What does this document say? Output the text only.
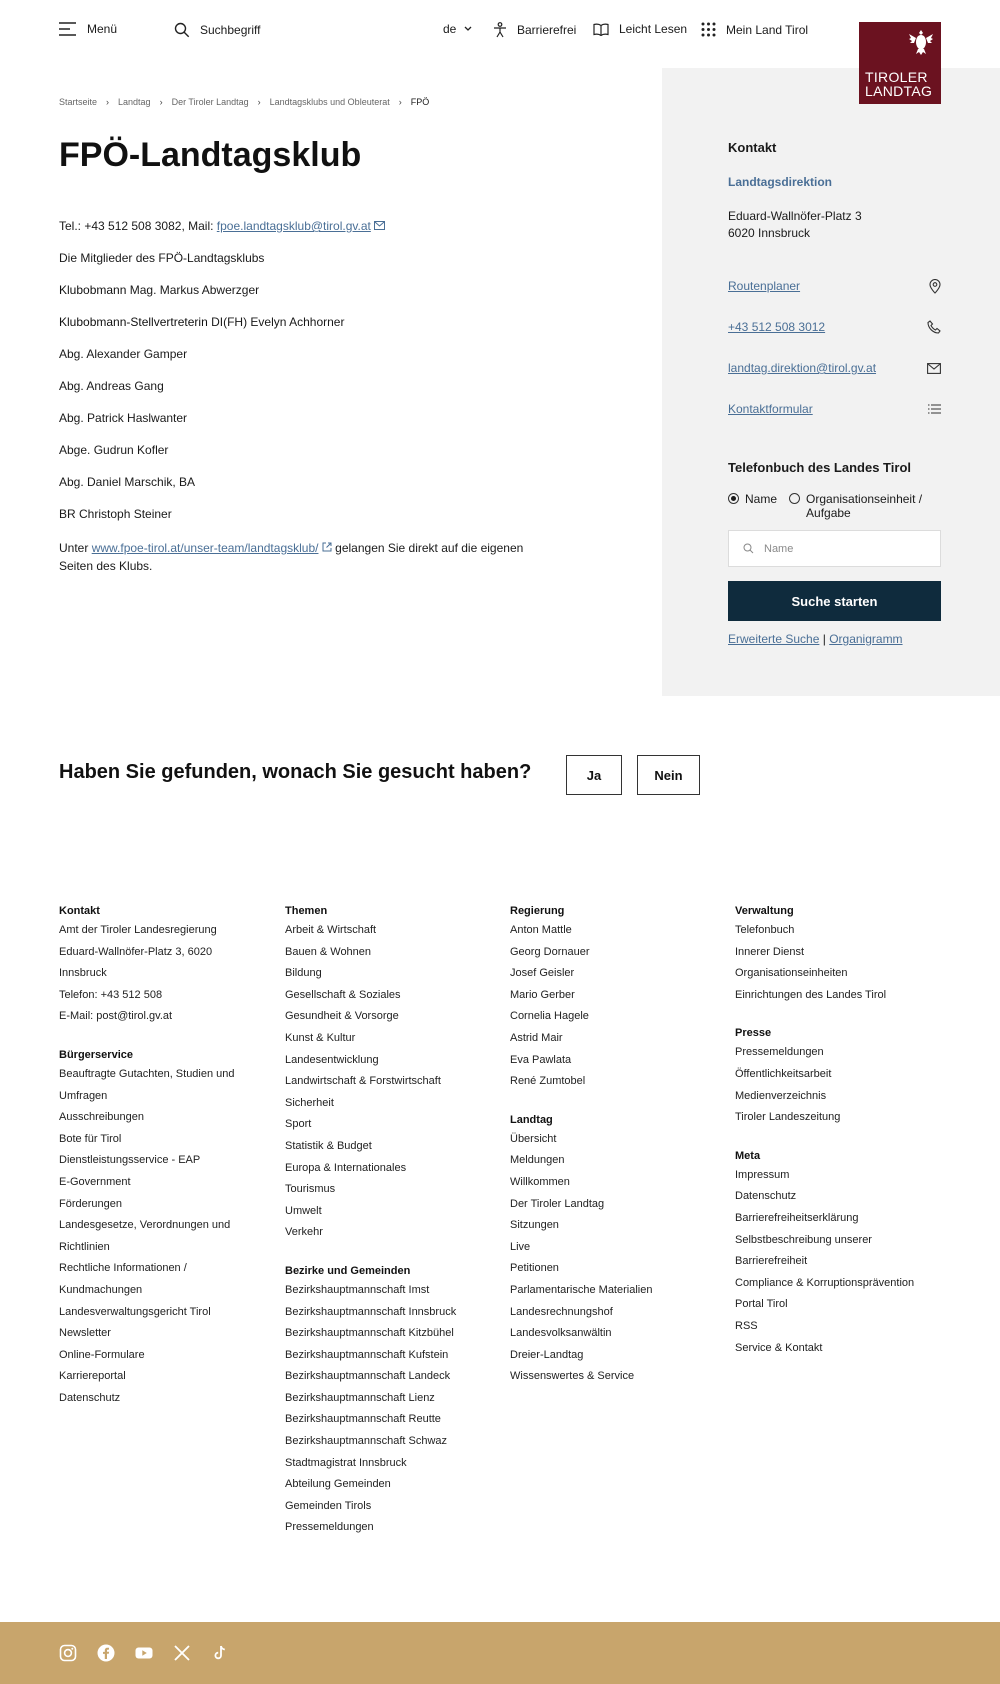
Menü	Suchbegriff	de	Barrierefrei	Leicht Lesen	Mein Land Tirol
TIROLER
LANDTAG
Kontakt
Landtagsdirektion
Eduard-Wallnöfer-Platz 3
6020 Innsbruck
Routenplaner
+43 512 508 3012
landtag.direktion@tirol.gv.at
Kontaktformular
Telefonbuch des Landes Tirol
Name Organisationseinheit / Aufgabe
Name
Suche starten
Erweiterte Suche | Organigramm
Startseite › Landtag › Der Tiroler Landtag › Landtagsklubs und Obleuterat › FPÖ
FPÖ-Landtagsklub
Tel.: +43 512 508 3082, Mail: fpoe.landtagsklub@tirol.gv.at
Die Mitglieder des FPÖ-Landtagsklubs
Klubobmann Mag. Markus Abwerzger
Klubobmann-Stellvertreterin DI(FH) Evelyn Achhorner
Abg. Alexander Gamper
Abg. Andreas Gang
Abg. Patrick Haslwanter
Abge. Gudrun Kofler
Abg. Daniel Marschik, BA
BR Christoph Steiner
Unter www.fpoe-tirol.at/unser-team/landtagsklub/ gelangen Sie direkt auf die eigenen Seiten des Klubs.
Haben Sie gefunden, wonach Sie gesucht haben?	Ja	Nein
Kontakt
Amt der Tiroler Landesregierung
Eduard-Wallnöfer-Platz 3, 6020
Innsbruck
Telefon: +43 512 508
E-Mail: post@tirol.gv.at
Bürgerservice
Beauftragte Gutachten, Studien und
Umfragen
Ausschreibungen
Bote für Tirol
Dienstleistungsservice - EAP
E-Government
Förderungen
Landesgesetze, Verordnungen und
Richtlinien
Rechtliche Informationen /
Kundmachungen
Landesverwaltungsgericht Tirol
Newsletter
Online-Formulare
Karriereportal
Datenschutz
Themen
Arbeit & Wirtschaft
Bauen & Wohnen
Bildung
Gesellschaft & Soziales
Gesundheit & Vorsorge
Kunst & Kultur
Landesentwicklung
Landwirtschaft & Forstwirtschaft
Sicherheit
Sport
Statistik & Budget
Europa & Internationales
Tourismus
Umwelt
Verkehr
Bezirke und Gemeinden
Bezirkshauptmannschaft Imst
Bezirkshauptmannschaft Innsbruck
Bezirkshauptmannschaft Kitzbühel
Bezirkshauptmannschaft Kufstein
Bezirkshauptmannschaft Landeck
Bezirkshauptmannschaft Lienz
Bezirkshauptmannschaft Reutte
Bezirkshauptmannschaft Schwaz
Stadtmagistrat Innsbruck
Abteilung Gemeinden
Gemeinden Tirols
Pressemeldungen
Regierung
Anton Mattle
Georg Dornauer
Josef Geisler
Mario Gerber
Cornelia Hagele
Astrid Mair
Eva Pawlata
René Zumtobel
Landtag
Übersicht
Meldungen
Willkommen
Der Tiroler Landtag
Sitzungen
Live
Petitionen
Parlamentarische Materialien
Landesrechnungshof
Landesvolksanwältin
Dreier-Landtag
Wissenswertes & Service
Verwaltung
Telefonbuch
Innerer Dienst
Organisationseinheiten
Einrichtungen des Landes Tirol
Presse
Pressemeldungen
Öffentlichkeitsarbeit
Medienverzeichnis
Tiroler Landeszeitung
Meta
Impressum
Datenschutz
Barrierefreiheitserklärung
Selbstbeschreibung unserer
Barrierefreiheit
Compliance & Korruptionsprävention
Portal Tirol
RSS
Service & Kontakt
